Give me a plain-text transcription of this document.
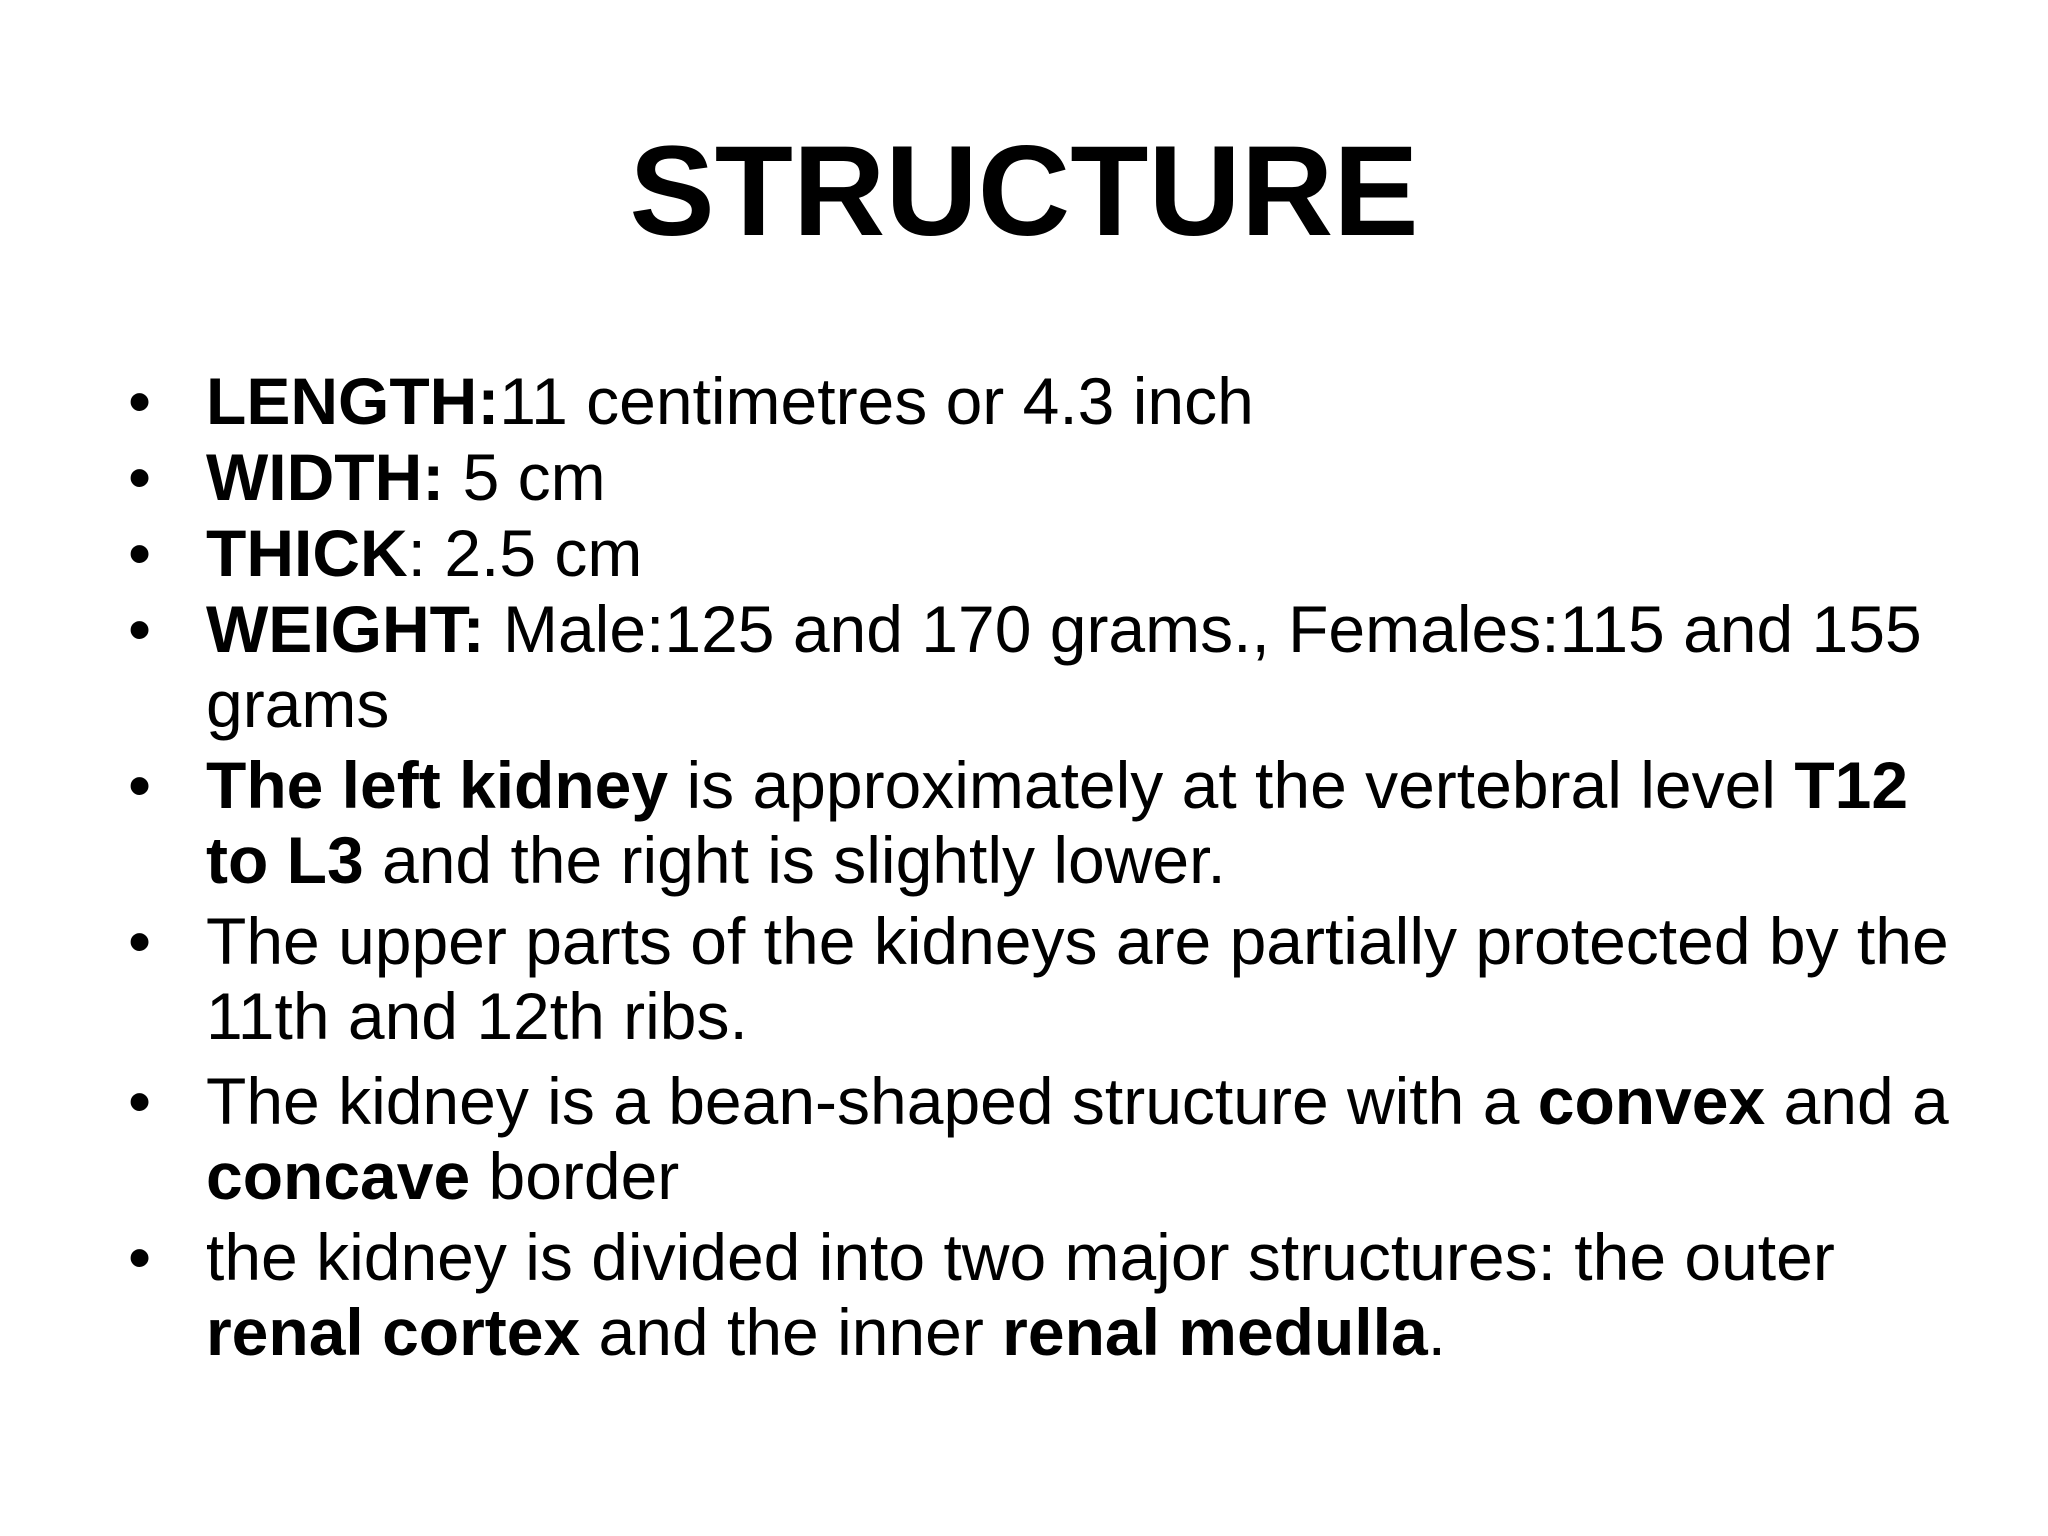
STRUCTURE
• LENGTH:11 centimetres or 4.3 inch
• WIDTH: 5 cm
• THICK: 2.5 cm
• WEIGHT: Male:125 and 170 grams., Females:115 and 155 grams
• The left kidney is approximately at the vertebral level T12 to L3 and the right is slightly lower.
• The upper parts of the kidneys are partially protected by the 11th and 12th ribs.
• The kidney is a bean-shaped structure with a convex and a concave border
• the kidney is divided into two major structures: the outer renal cortex and the inner renal medulla.
